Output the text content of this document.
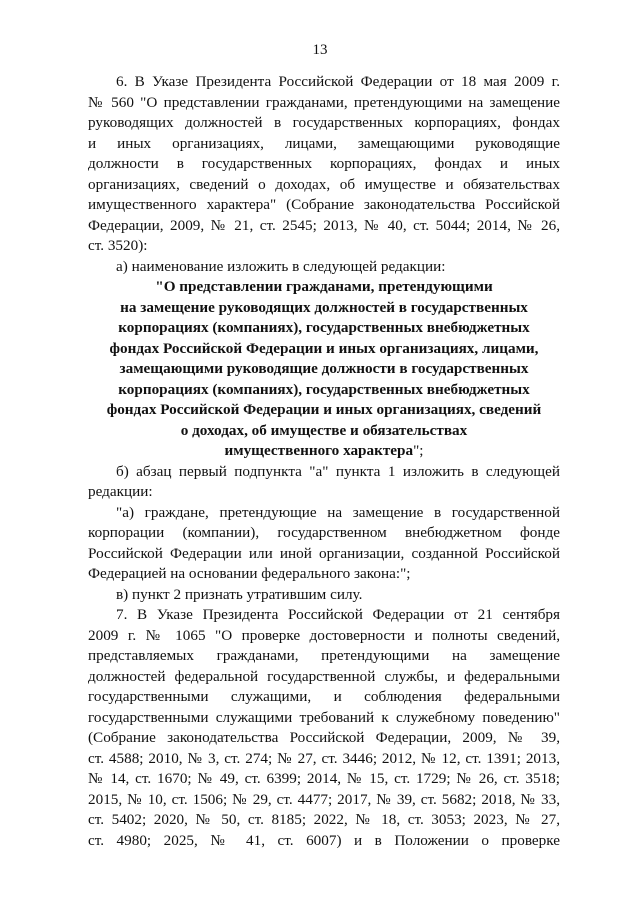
13
6. В Указе Президента Российской Федерации от 18 мая 2009 г.
№ 560 "О представлении гражданами, претендующими на замещение
руководящих должностей в государственных корпорациях, фондах
и иных организациях, лицами, замещающими руководящие
должности в государственных корпорациях, фондах и иных
организациях, сведений о доходах, об имуществе и обязательствах
имущественного характера" (Собрание законодательства Российской
Федерации, 2009, № 21, ст. 2545; 2013, № 40, ст. 5044; 2014, № 26,
ст. 3520):
а) наименование изложить в следующей редакции:
"О представлении гражданами, претендующими
на замещение руководящих должностей в государственных
корпорациях (компаниях), государственных внебюджетных
фондах Российской Федерации и иных организациях, лицами,
замещающими руководящие должности в государственных
корпорациях (компаниях), государственных внебюджетных
фондах Российской Федерации и иных организациях, сведений
о доходах, об имуществе и обязательствах
имущественного характера";
б) абзац первый подпункта "а" пункта 1 изложить в следующей
редакции:
"а) граждане, претендующие на замещение в государственной
корпорации (компании), государственном внебюджетном фонде
Российской Федерации или иной организации, созданной Российской
Федерацией на основании федерального закона:";
в) пункт 2 признать утратившим силу.
7. В Указе Президента Российской Федерации от 21 сентября
2009 г. № 1065 "О проверке достоверности и полноты сведений,
представляемых гражданами, претендующими на замещение
должностей федеральной государственной службы, и федеральными
государственными служащими, и соблюдения федеральными
государственными служащими требований к служебному поведению"
(Собрание законодательства Российской Федерации, 2009, № 39,
ст. 4588; 2010, № 3, ст. 274; № 27, ст. 3446; 2012, № 12, ст. 1391; 2013,
№ 14, ст. 1670; № 49, ст. 6399; 2014, № 15, ст. 1729; № 26, ст. 3518;
2015, № 10, ст. 1506; № 29, ст. 4477; 2017, № 39, ст. 5682; 2018, № 33,
ст. 5402; 2020, № 50, ст. 8185; 2022, № 18, ст. 3053; 2023, № 27,
ст. 4980; 2025, № 41, ст. 6007) и в Положении о проверке
